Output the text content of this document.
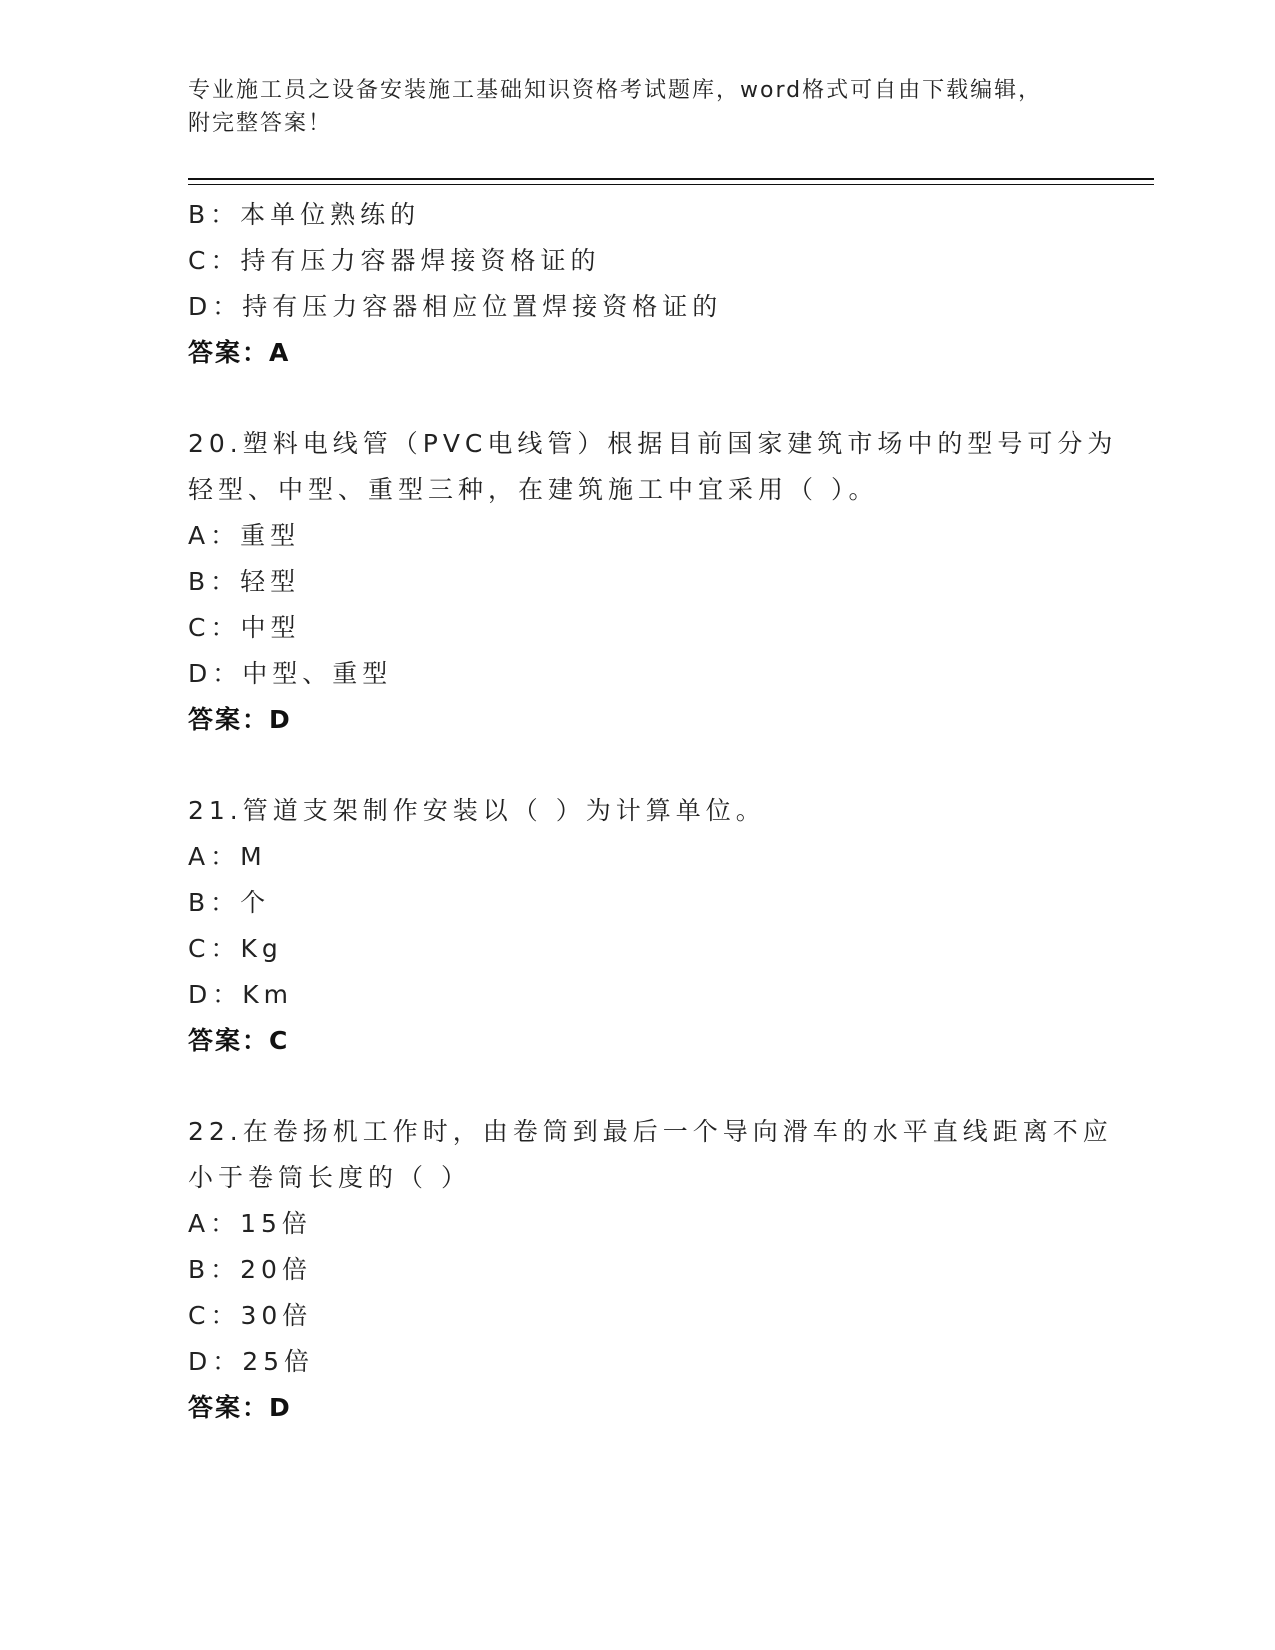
专业施工员之设备安装施工基础知识资格考试题库，word格式可自由下载编辑，
附完整答案！
B：本单位熟练的
C：持有压力容器焊接资格证的
D：持有压力容器相应位置焊接资格证的
答案：A
20.塑料电线管（PVC电线管）根据目前国家建筑市场中的型号可分为
轻型、中型、重型三种，在建筑施工中宜采用（ ）。
A：重型
B：轻型
C：中型
D：中型、重型
答案：D
21.管道支架制作安装以（ ）为计算单位。
A：M
B：个
C：Kg
D：Km
答案：C
22.在卷扬机工作时，由卷筒到最后一个导向滑车的水平直线距离不应
小于卷筒长度的（ ）
A：15倍
B：20倍
C：30倍
D：25倍
答案：D
